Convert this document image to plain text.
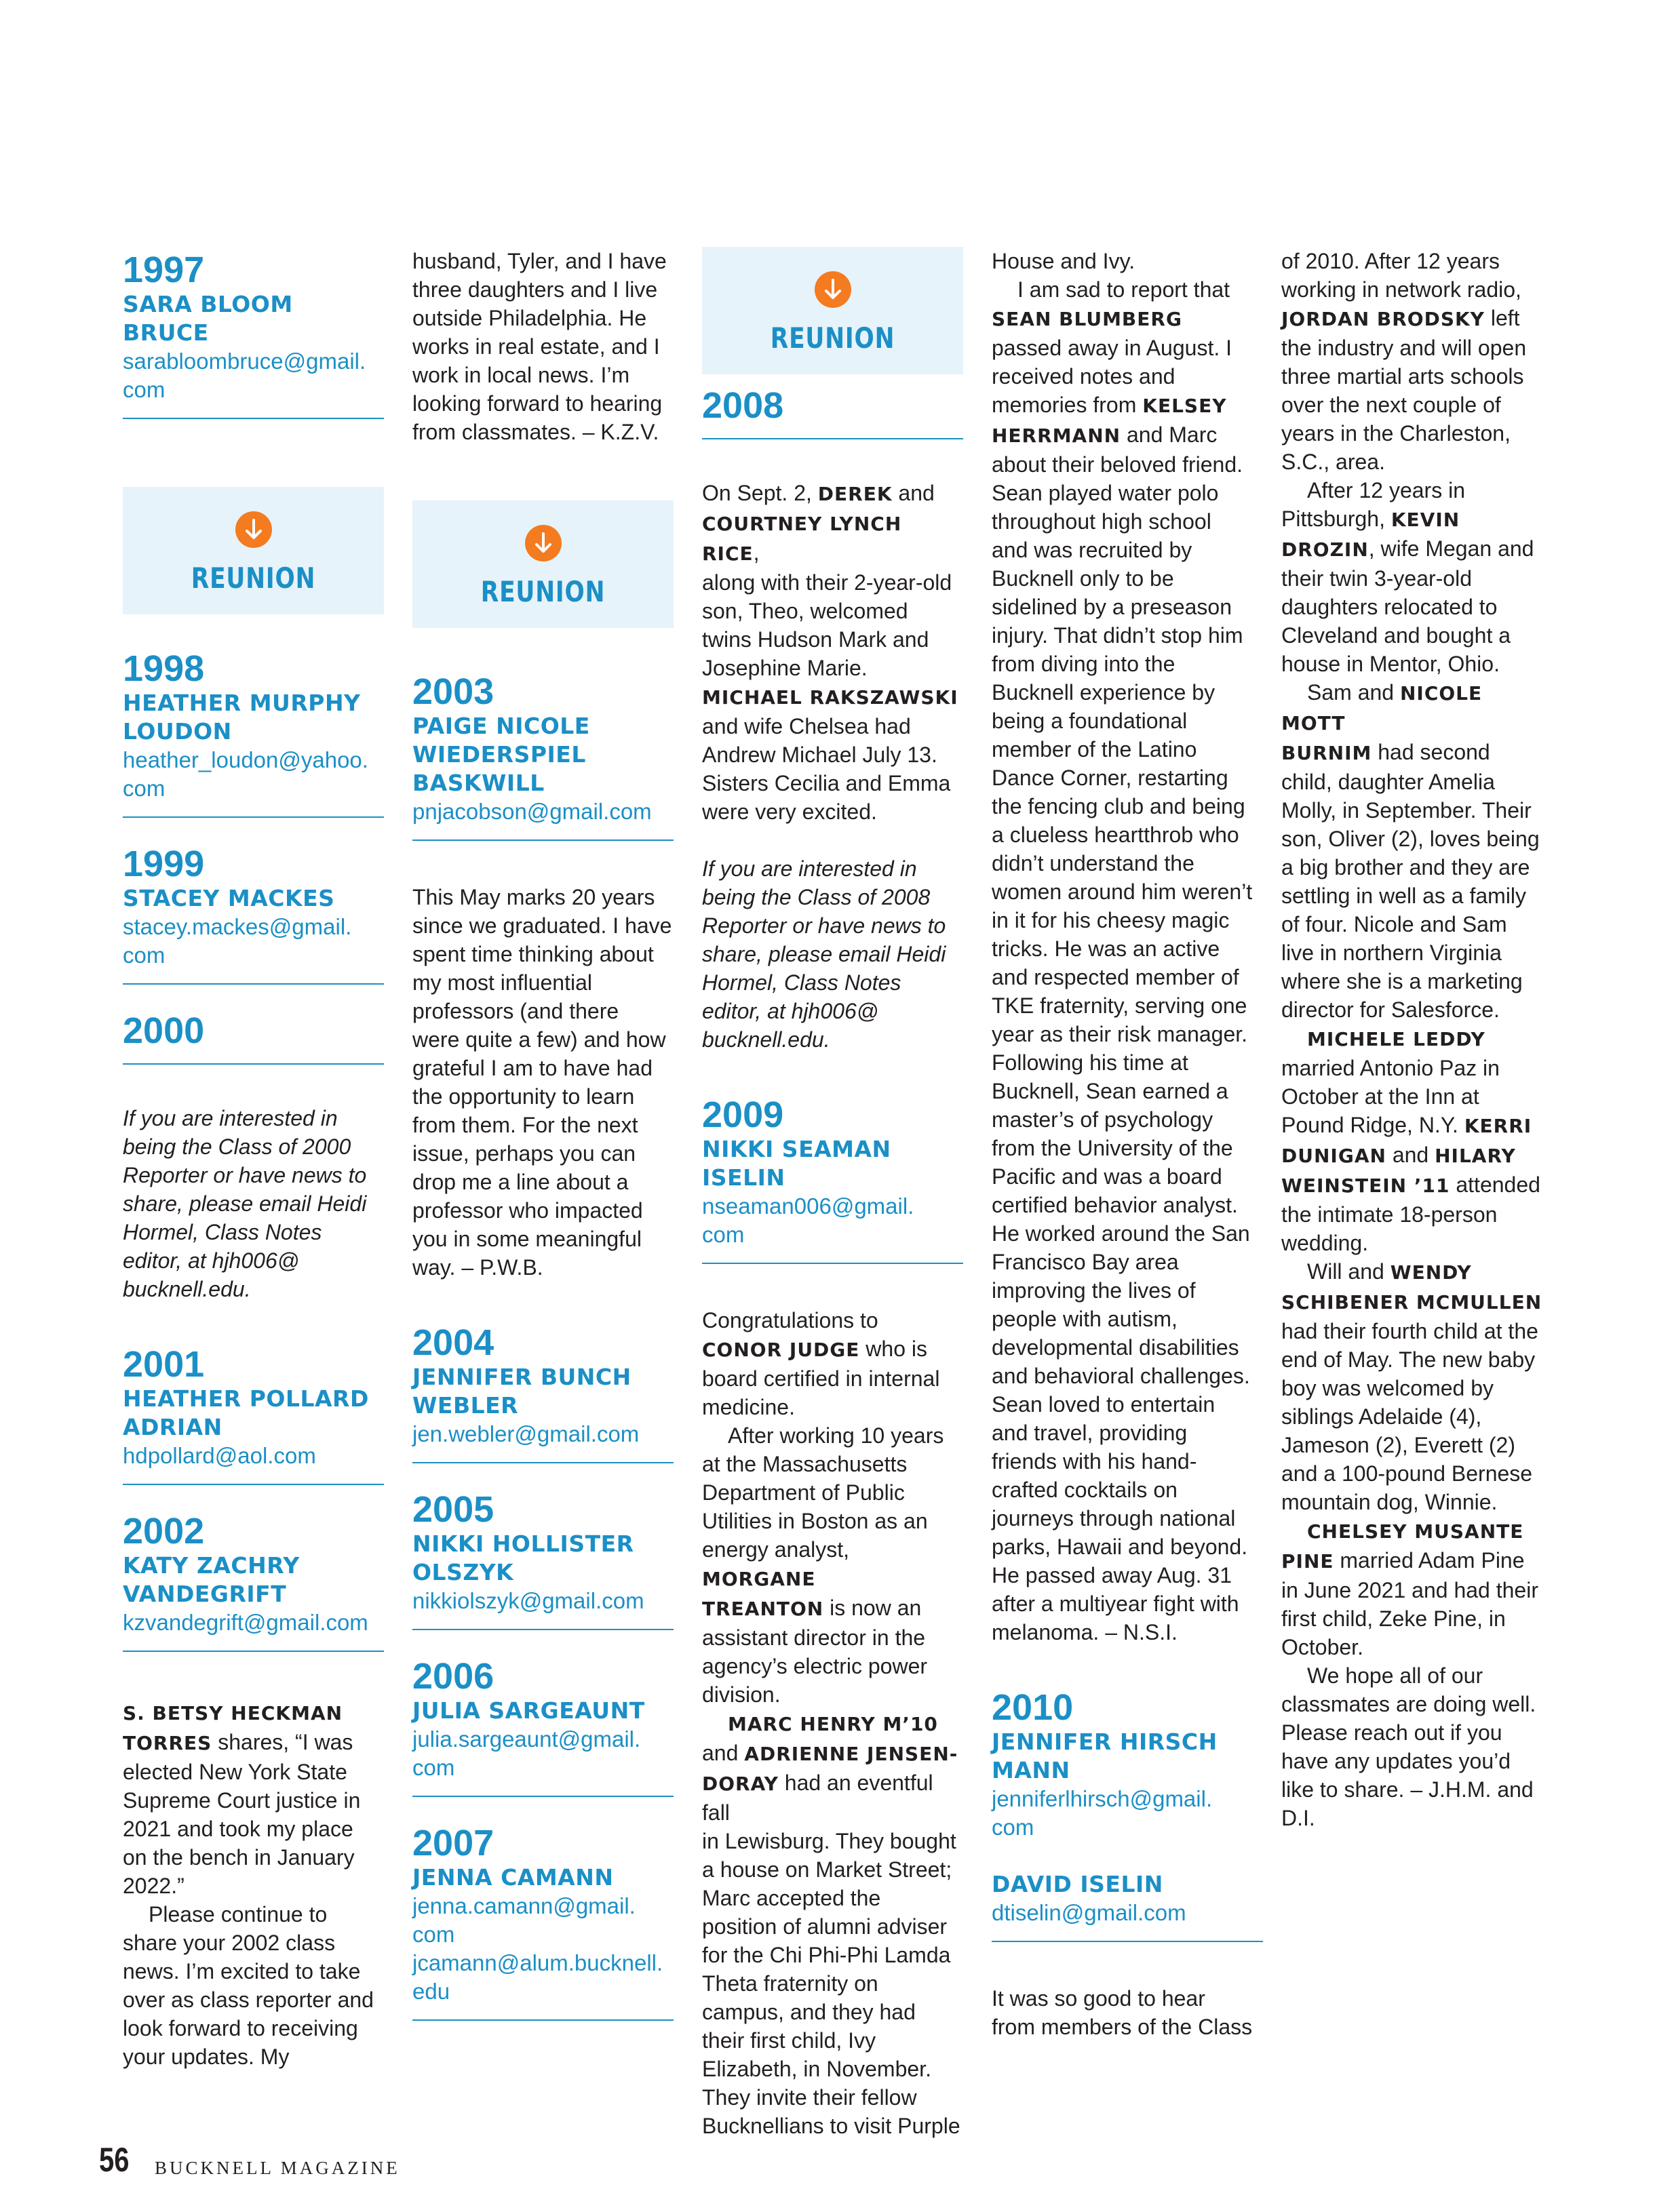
1997

SARA BLOOM BRUCE

sarabloombruce@gmail.
com

REUNION

1998

HEATHER MURPHY
LOUDON

heather_loudon@yahoo.
com

1999

STACEY MACKES

stacey.mackes@gmail.
com

2000

If you are interested in
being the Class of 2000
Reporter or have news to
share, please email Heidi
Hormel, Class Notes
editor, at hjh006@
bucknell.edu.

2001

HEATHER POLLARD
ADRIAN

hdpollard@aol.com

2002

KATY ZACHRY
VANDEGRIFT

kzvandegrift@gmail.com

S. BETSY HECKMAN
TORRES shares, “I was
elected New York State
Supreme Court justice in
2021 and took my place
on the bench in January
2022.”

Please continue to
share your 2002 class
news. I’m excited to take
over as class reporter and
look forward to receiving
your updates. My

husband, Tyler, and I have
three daughters and I live
outside Philadelphia. He
works in real estate, and I
work in local news. I’m
looking forward to hearing
from classmates. – K.Z.V.

REUNION

2003

PAIGE NICOLE
WIEDERSPIEL
BASKWILL

pnjacobson@gmail.com

This May marks 20 years
since we graduated. I have
spent time thinking about
my most influential
professors (and there
were quite a few) and how
grateful I am to have had
the opportunity to learn
from them. For the next
issue, perhaps you can
drop me a line about a
professor who impacted
you in some meaningful
way. – P.W.B.

2004

JENNIFER BUNCH
WEBLER

jen.webler@gmail.com

2005

NIKKI HOLLISTER
OLSZYK

nikkiolszyk@gmail.com

2006

JULIA SARGEAUNT

julia.sargeaunt@gmail.
com

2007

JENNA CAMANN

jenna.camann@gmail.
com

jcamann@alum.bucknell.
edu

REUNION

2008

On Sept. 2, DEREK and
COURTNEY LYNCH RICE,
along with their 2-year-old
son, Theo, welcomed
twins Hudson Mark and
Josephine Marie.
MICHAEL RAKSZAWSKI
and wife Chelsea had
Andrew Michael July 13.
Sisters Cecilia and Emma
were very excited.

If you are interested in
being the Class of 2008
Reporter or have news to
share, please email Heidi
Hormel, Class Notes
editor, at hjh006@
bucknell.edu.

2009

NIKKI SEAMAN
ISELIN

nseaman006@gmail.
com

Congratulations to
CONOR JUDGE who is
board certified in internal
medicine.

After working 10 years
at the Massachusetts
Department of Public
Utilities in Boston as an
energy analyst, MORGANE
TREANTON is now an
assistant director in the
agency’s electric power
division.

MARC HENRY M’10
and ADRIENNE JENSEN-
DORAY had an eventful fall
in Lewisburg. They bought
a house on Market Street;
Marc accepted the
position of alumni adviser
for the Chi Phi-Phi Lamda
Theta fraternity on
campus, and they had
their first child, Ivy
Elizabeth, in November.
They invite their fellow
Bucknellians to visit Purple

House and Ivy.

I am sad to report that
SEAN BLUMBERG
passed away in August. I
received notes and
memories from KELSEY
HERRMANN and Marc
about their beloved friend.
Sean played water polo
throughout high school
and was recruited by
Bucknell only to be
sidelined by a preseason
injury. That didn’t stop him
from diving into the
Bucknell experience by
being a foundational
member of the Latino
Dance Corner, restarting
the fencing club and being
a clueless heartthrob who
didn’t understand the
women around him weren’t
in it for his cheesy magic
tricks. He was an active
and respected member of
TKE fraternity, serving one
year as their risk manager.
Following his time at
Bucknell, Sean earned a
master’s of psychology
from the University of the
Pacific and was a board
certified behavior analyst.
He worked around the San
Francisco Bay area
improving the lives of
people with autism,
developmental disabilities
and behavioral challenges.
Sean loved to entertain
and travel, providing
friends with his hand-
crafted cocktails on
journeys through national
parks, Hawaii and beyond.
He passed away Aug. 31
after a multiyear fight with
melanoma. – N.S.I.

2010

JENNIFER HIRSCH
MANN

jenniferlhirsch@gmail.
com

DAVID ISELIN

dtiselin@gmail.com

It was so good to hear
from members of the Class

of 2010. After 12 years
working in network radio,
JORDAN BRODSKY left
the industry and will open
three martial arts schools
over the next couple of
years in the Charleston,
S.C., area.

After 12 years in
Pittsburgh, KEVIN
DROZIN, wife Megan and
their twin 3-year-old
daughters relocated to
Cleveland and bought a
house in Mentor, Ohio.

Sam and NICOLE MOTT
BURNIM had second
child, daughter Amelia
Molly, in September. Their
son, Oliver (2), loves being
a big brother and they are
settling in well as a family
of four. Nicole and Sam
live in northern Virginia
where she is a marketing
director for Salesforce.

MICHELE LEDDY
married Antonio Paz in
October at the Inn at
Pound Ridge, N.Y. KERRI
DUNIGAN and HILARY
WEINSTEIN ’11 attended
the intimate 18-person
wedding.

Will and WENDY
SCHIBENER MCMULLEN
had their fourth child at the
end of May. The new baby
boy was welcomed by
siblings Adelaide (4),
Jameson (2), Everett (2)
and a 100-pound Bernese
mountain dog, Winnie.

CHELSEY MUSANTE
PINE married Adam Pine
in June 2021 and had their
first child, Zeke Pine, in
October.

We hope all of our
classmates are doing well.
Please reach out if you
have any updates you’d
like to share. – J.H.M. and
D.I.

56 BUCKNELL MAGAZINE
